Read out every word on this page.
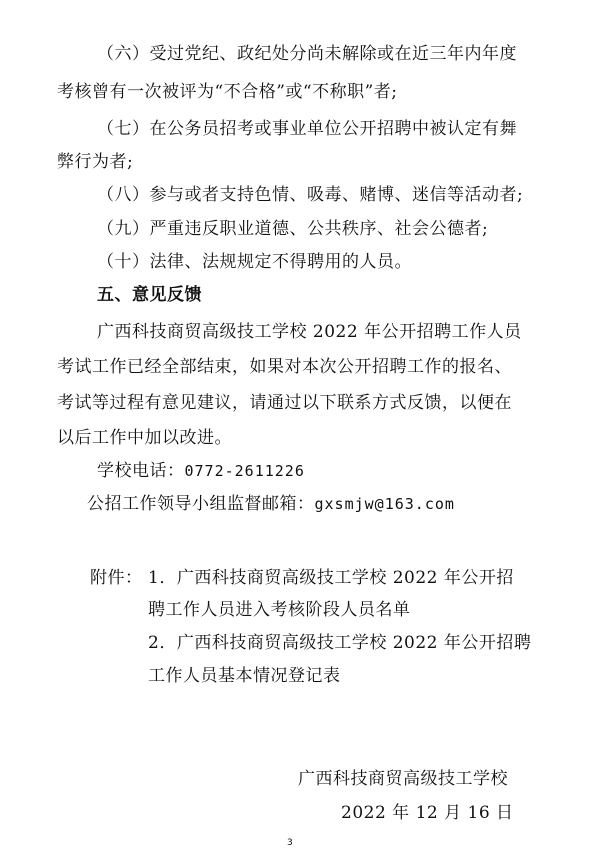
（六）受过党纪、政纪处分尚未解除或在近三年内年度
考核曾有一次被评为“不合格”或“不称职”者;
（七）在公务员招考或事业单位公开招聘中被认定有舞
弊行为者;
（八）参与或者支持色情、吸毒、赌博、迷信等活动者;
（九）严重违反职业道德、公共秩序、社会公德者;
（十）法律、法规规定不得聘用的人员。
五、意见反馈
广西科技商贸高级技工学校 2022 年公开招聘工作人员
考试工作已经全部结束，如果对本次公开招聘工作的报名、
考试等过程有意见建议，请通过以下联系方式反馈，以便在
以后工作中加以改进。
学校电话：0772-2611226
公招工作领导小组监督邮箱：gxsmjw@163.com
附件： 1．广西科技商贸高级技工学校 2022 年公开招
聘工作人员进入考核阶段人员名单
2．广西科技商贸高级技工学校 2022 年公开招聘
工作人员基本情况登记表
广西科技商贸高级技工学校
2022 年 12 月 16 日
3
